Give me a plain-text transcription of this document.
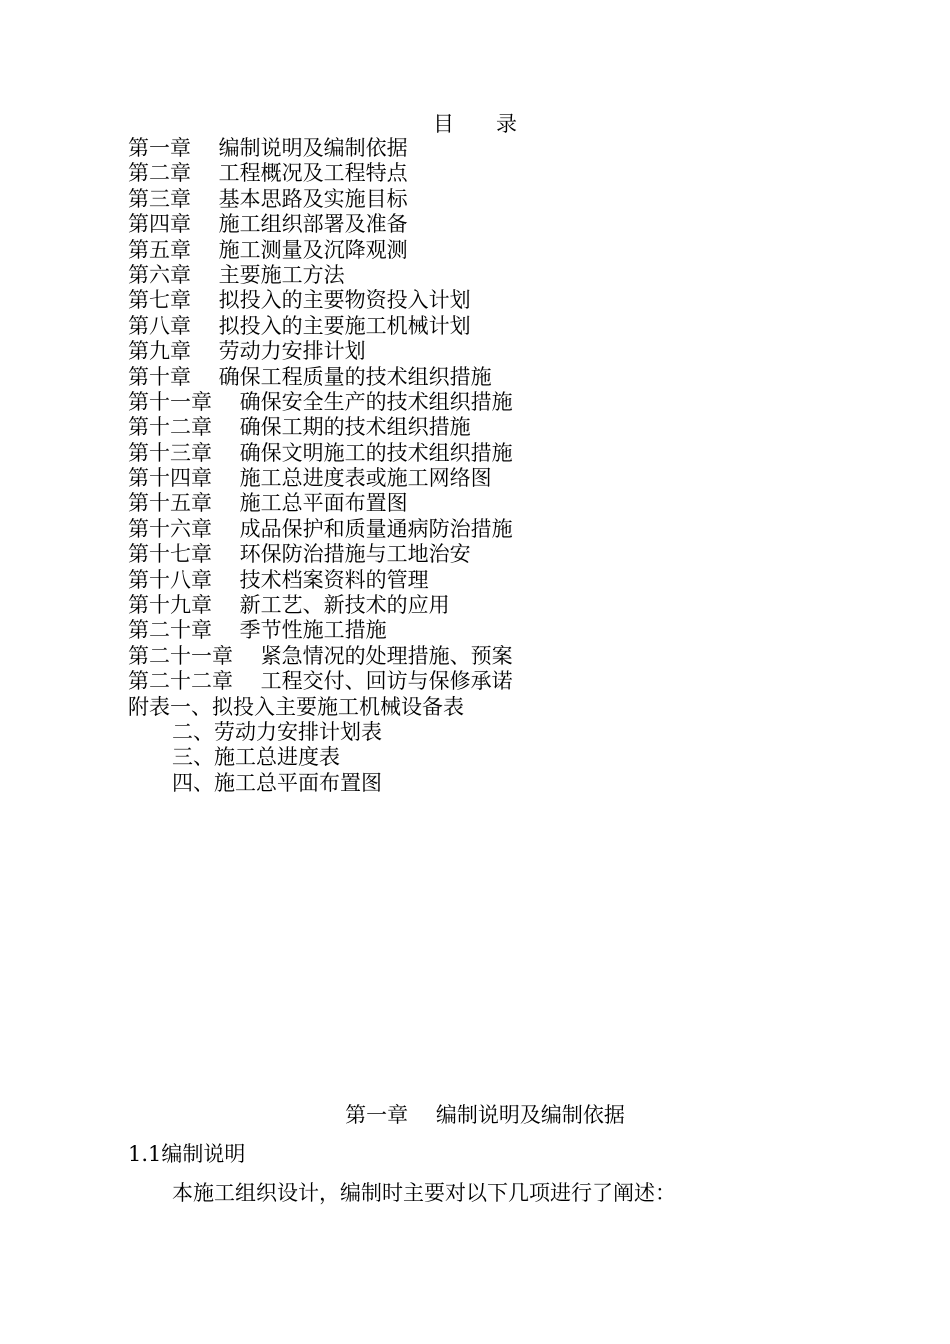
目　　录
第一章　 编制说明及编制依据
第二章　 工程概况及工程特点
第三章　 基本思路及实施目标
第四章　 施工组织部署及准备
第五章　 施工测量及沉降观测
第六章　 主要施工方法
第七章　 拟投入的主要物资投入计划
第八章　 拟投入的主要施工机械计划
第九章　 劳动力安排计划
第十章　 确保工程质量的技术组织措施
第十一章　 确保安全生产的技术组织措施
第十二章　 确保工期的技术组织措施
第十三章　 确保文明施工的技术组织措施
第十四章　 施工总进度表或施工网络图
第十五章　 施工总平面布置图
第十六章　 成品保护和质量通病防治措施
第十七章　 环保防治措施与工地治安
第十八章　 技术档案资料的管理
第十九章　 新工艺、新技术的应用
第二十章　 季节性施工措施
第二十一章　 紧急情况的处理措施、预案
第二十二章　 工程交付、回访与保修承诺
附表一、拟投入主要施工机械设备表
二、劳动力安排计划表
三、施工总进度表
四、施工总平面布置图
第一章　 编制说明及编制依据
1.1编制说明
本施工组织设计，编制时主要对以下几项进行了阐述：
